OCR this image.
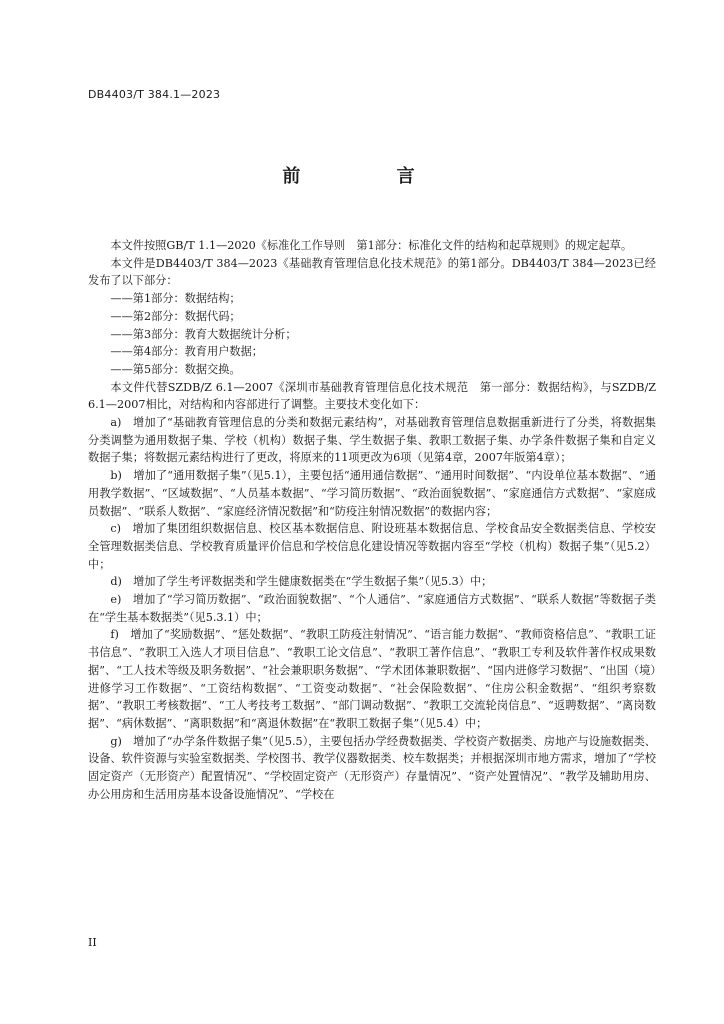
DB4403/T 384.1—2023
前 言

本文件按照GB/T 1.1—2020《标准化工作导则　第1部分：标准化文件的结构和起草规则》的规定起草。

本文件是DB4403/T 384—2023《基础教育管理信息化技术规范》的第1部分。DB4403/T 384—2023已经发布了以下部分：

——第1部分：数据结构；

——第2部分：数据代码；

——第3部分：教育大数据统计分析；

——第4部分：教育用户数据；

——第5部分：数据交换。

本文件代替SZDB/Z 6.1—2007《深圳市基础教育管理信息化技术规范　第一部分：数据结构》，与SZDB/Z 6.1—2007相比，对结构和内容部进行了调整。主要技术变化如下：

a)　增加了“基础教育管理信息的分类和数据元素结构”，对基础教育管理信息数据重新进行了分类，将数据集分类调整为通用数据子集、学校（机构）数据子集、学生数据子集、教职工数据子集、办学条件数据子集和自定义数据子集；将数据元素结构进行了更改，将原来的11项更改为6项（见第4章，2007年版第4章）；

b)　增加了“通用数据子集”（见5.1），主要包括“通用通信数据”、“通用时间数据”、“内设单位基本数据”、“通用教学数据”、“区域数据”、“人员基本数据”、“学习简历数据”、“政治面貌数据”、“家庭通信方式数据”、“家庭成员数据”、“联系人数据”、“家庭经济情况数据”和“防疫注射情况数据”的数据内容；

c)　增加了集团组织数据信息、校区基本数据信息、附设班基本数据信息、学校食品安全数据类信息、学校安全管理数据类信息、学校教育质量评价信息和学校信息化建设情况等数据内容至“学校（机构）数据子集”（见5.2）中；

d)　增加了学生考评数据类和学生健康数据类在“学生数据子集”（见5.3）中；

e)　增加了“学习简历数据”、“政治面貌数据”、“个人通信”、“家庭通信方式数据”、“联系人数据”等数据子类在“学生基本数据类”（见5.3.1）中；

f)　增加了“奖励数据”、“惩处数据”、“教职工防疫注射情况”、“语言能力数据”、“教师资格信息”、“教职工证书信息”、“教职工入选人才项目信息”、“教职工论文信息”、“教职工著作信息”、“教职工专利及软件著作权成果数据”、“工人技术等级及职务数据”、“社会兼职职务数据”、“学术团体兼职数据”、“国内进修学习数据”、“出国（境）进修学习工作数据”、“工资结构数据”、“工资变动数据”、“社会保险数据”、“住房公积金数据”、“组织考察数据”、“教职工考核数据”、“工人考技考工数据”、“部门调动数据”、“教职工交流轮岗信息”、“返聘数据”、“离岗数据”、“病休数据”、“离职数据”和“离退休数据”在“教职工数据子集”（见5.4）中；

g)　增加了“办学条件数据子集”（见5.5），主要包括办学经费数据类、学校资产数据类、房地产与设施数据类、设备、软件资源与实验室数据类、学校图书、教学仪器数据类、校车数据类；并根据深圳市地方需求，增加了“学校固定资产（无形资产）配置情况”、“学校固定资产（无形资产）存量情况”、“资产处置情况”、“教学及辅助用房、办公用房和生活用房基本设备设施情况”、“学校在

II
